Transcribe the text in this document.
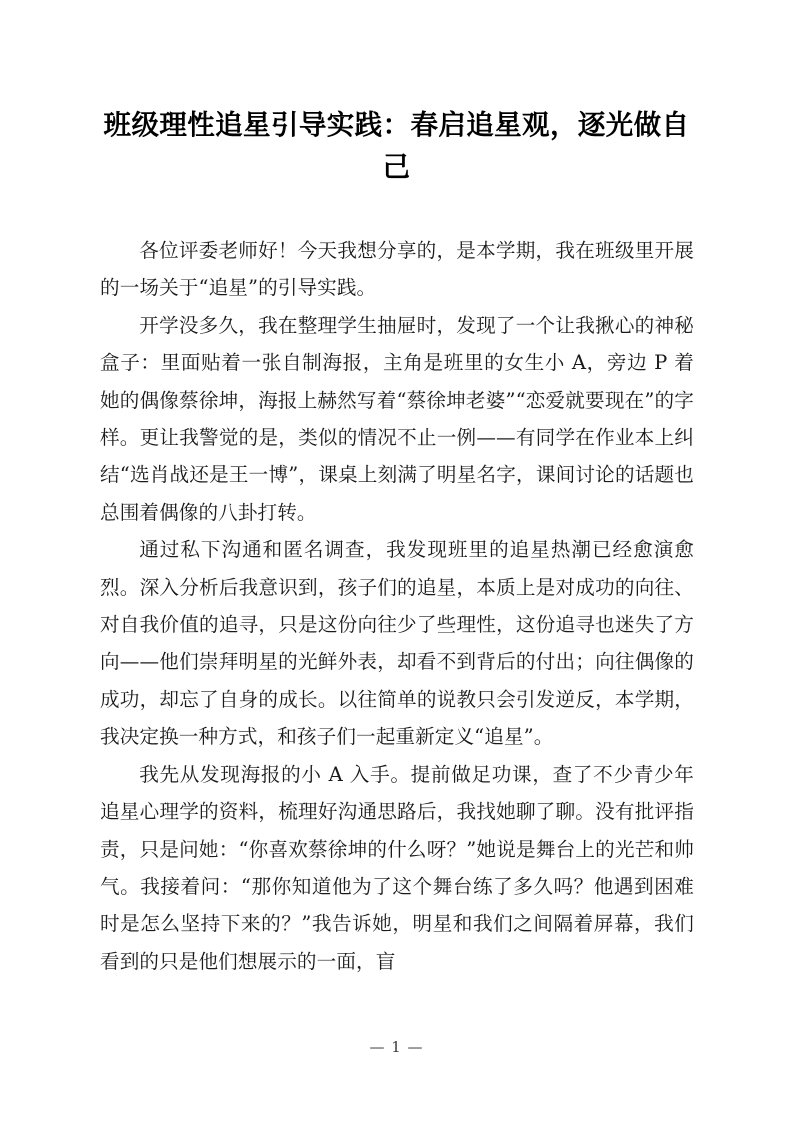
班级理性追星引导实践：春启追星观，逐光做自己

各位评委老师好！今天我想分享的，是本学期，我在班级里开展的一场关于“追星”的引导实践。

开学没多久，我在整理学生抽屉时，发现了一个让我揪心的神秘盒子：里面贴着一张自制海报，主角是班里的女生小 A，旁边 P 着她的偶像蔡徐坤，海报上赫然写着“蔡徐坤老婆”“恋爱就要现在”的字样。更让我警觉的是，类似的情况不止一例——有同学在作业本上纠结“选肖战还是王一博”，课桌上刻满了明星名字，课间讨论的话题也总围着偶像的八卦打转。

通过私下沟通和匿名调查，我发现班里的追星热潮已经愈演愈烈。深入分析后我意识到，孩子们的追星，本质上是对成功的向往、对自我价值的追寻，只是这份向往少了些理性，这份追寻也迷失了方向——他们崇拜明星的光鲜外表，却看不到背后的付出；向往偶像的成功，却忘了自身的成长。以往简单的说教只会引发逆反，本学期，我决定换一种方式，和孩子们一起重新定义“追星”。

我先从发现海报的小 A 入手。提前做足功课，查了不少青少年追星心理学的资料，梳理好沟通思路后，我找她聊了聊。没有批评指责，只是问她：“你喜欢蔡徐坤的什么呀？”她说是舞台上的光芒和帅气。我接着问：“那你知道他为了这个舞台练了多久吗？他遇到困难时是怎么坚持下来的？”我告诉她，明星和我们之间隔着屏幕，我们看到的只是他们想展示的一面，盲

— 1 —
